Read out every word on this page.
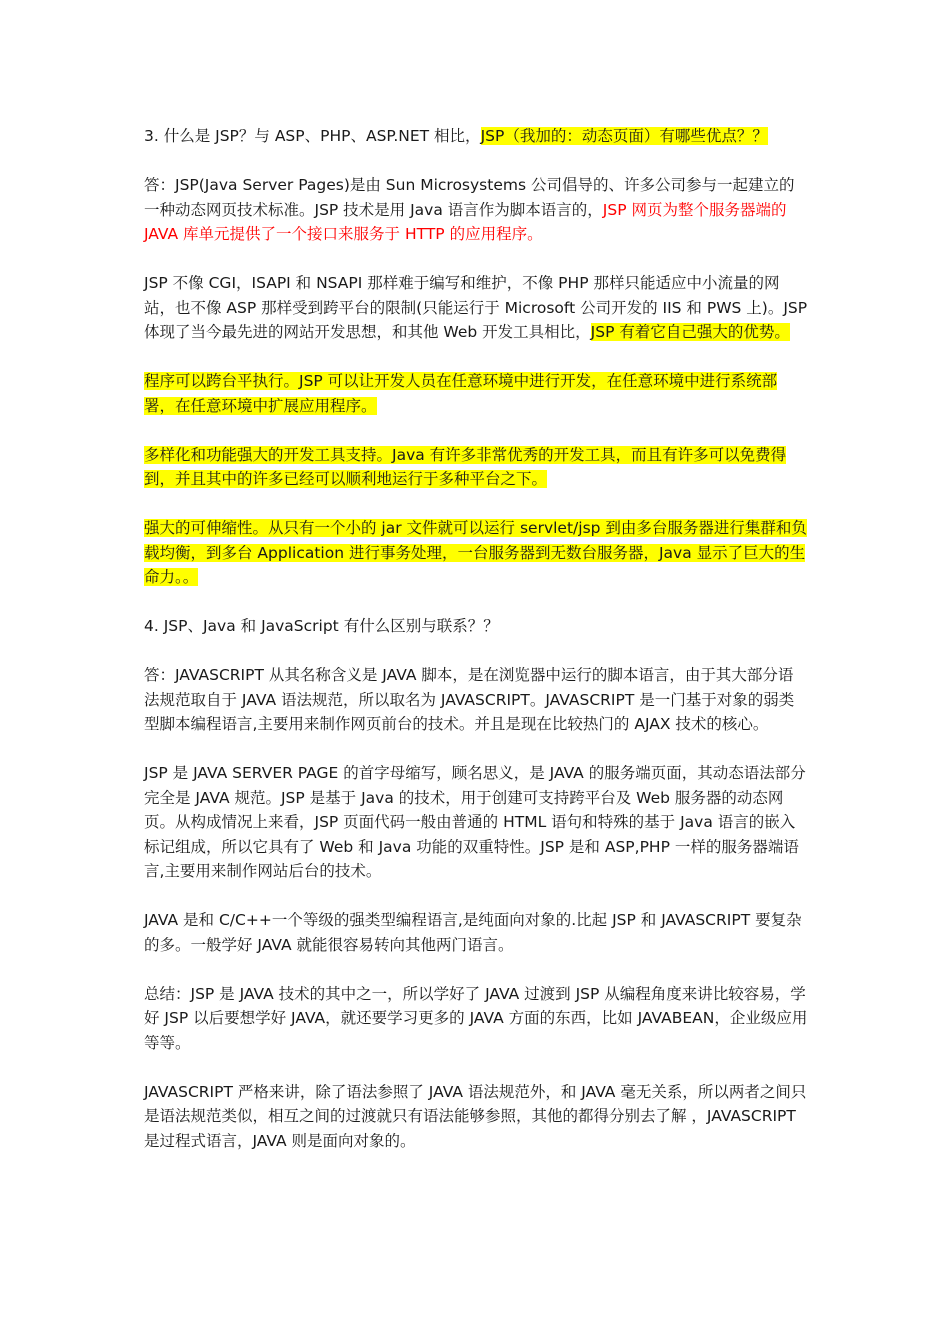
3. 什么是 JSP？与 ASP、PHP、ASP.NET 相比，JSP（我加的：动态页面）有哪些优点？？

答：JSP(Java Server Pages)是由 Sun Microsystems 公司倡导的、许多公司参与一起建立的一种动态网页技术标准。JSP 技术是用 Java 语言作为脚本语言的，JSP 网页为整个服务器端的 JAVA 库单元提供了一个接口来服务于 HTTP 的应用程序。

JSP 不像 CGI，ISAPI 和 NSAPI 那样难于编写和维护，不像 PHP 那样只能适应中小流量的网站，也不像 ASP 那样受到跨平台的限制(只能运行于 Microsoft 公司开发的 IIS 和 PWS 上)。JSP 体现了当今最先进的网站开发思想，和其他 Web 开发工具相比，JSP 有着它自己强大的优势。

程序可以跨台平执行。JSP 可以让开发人员在任意环境中进行开发，在任意环境中进行系统部署，在任意环境中扩展应用程序。

多样化和功能强大的开发工具支持。Java 有许多非常优秀的开发工具，而且有许多可以免费得到，并且其中的许多已经可以顺利地运行于多种平台之下。

强大的可伸缩性。从只有一个小的 jar 文件就可以运行 servlet/jsp 到由多台服务器进行集群和负载均衡，到多台 Application 进行事务处理，一台服务器到无数台服务器，Java 显示了巨大的生命力。。

4. JSP、Java 和 JavaScript 有什么区别与联系？？

答：JAVASCRIPT 从其名称含义是 JAVA 脚本，是在浏览器中运行的脚本语言，由于其大部分语法规范取自于 JAVA 语法规范，所以取名为 JAVASCRIPT。JAVASCRIPT 是一门基于对象的弱类型脚本编程语言,主要用来制作网页前台的技术。并且是现在比较热门的 AJAX 技术的核心。

JSP 是 JAVA SERVER PAGE 的首字母缩写，顾名思义，是 JAVA 的服务端页面，其动态语法部分完全是 JAVA 规范。JSP 是基于 Java 的技术，用于创建可支持跨平台及 Web 服务器的动态网页。从构成情况上来看，JSP 页面代码一般由普通的 HTML 语句和特殊的基于 Java 语言的嵌入标记组成，所以它具有了 Web 和 Java 功能的双重特性。JSP 是和 ASP,PHP 一样的服务器端语言,主要用来制作网站后台的技术。

JAVA 是和 C/C++一个等级的强类型编程语言,是纯面向对象的.比起 JSP 和 JAVASCRIPT 要复杂的多。一般学好 JAVA 就能很容易转向其他两门语言。

总结：JSP 是 JAVA 技术的其中之一，所以学好了 JAVA 过渡到 JSP 从编程角度来讲比较容易，学好 JSP 以后要想学好 JAVA，就还要学习更多的 JAVA 方面的东西，比如 JAVABEAN，企业级应用等等。

JAVASCRIPT 严格来讲，除了语法参照了 JAVA 语法规范外，和 JAVA 毫无关系，所以两者之间只是语法规范类似，相互之间的过渡就只有语法能够参照，其他的都得分别去了解 ，JAVASCRIPT 是过程式语言，JAVA 则是面向对象的。
